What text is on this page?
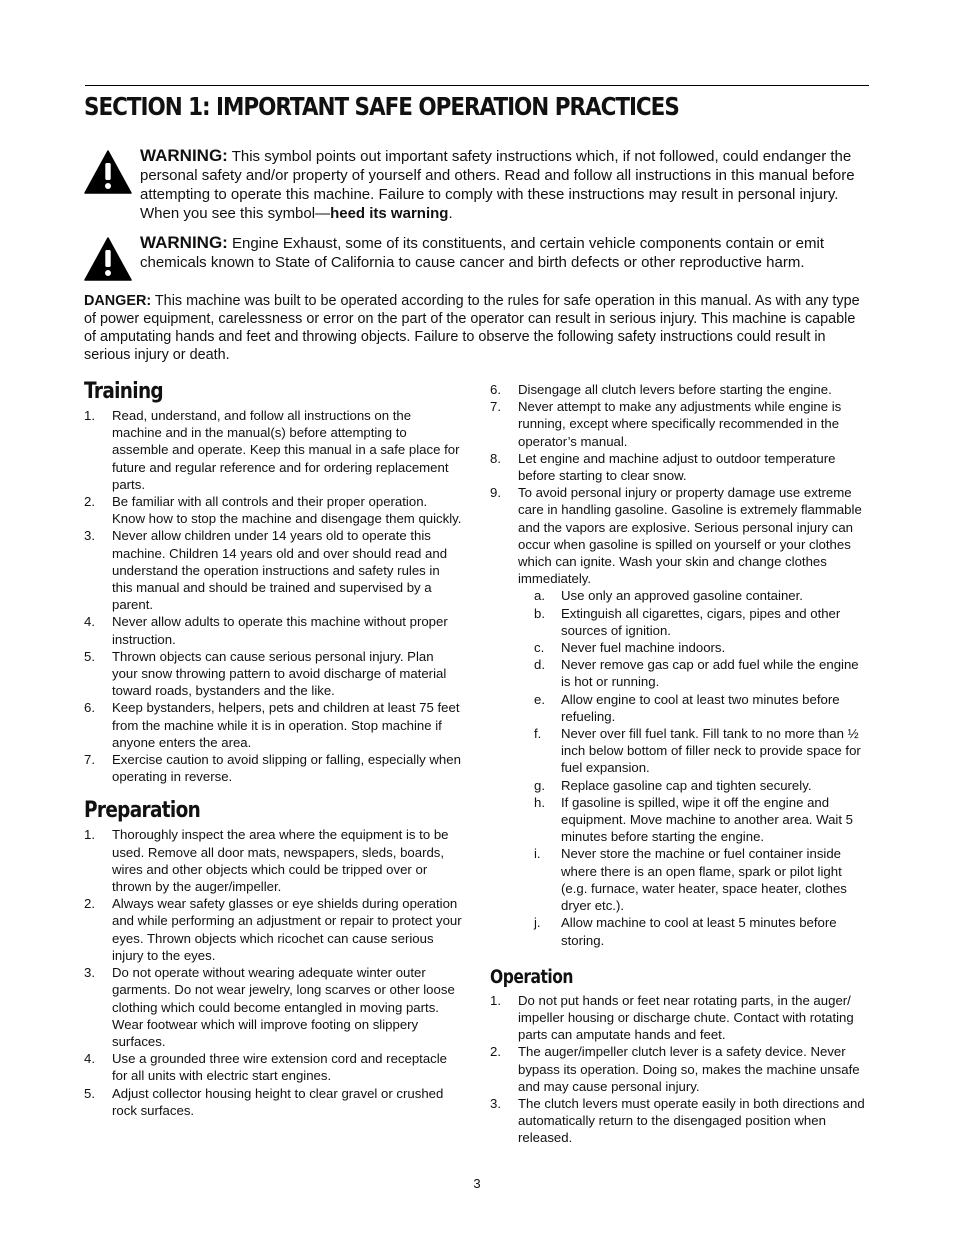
SECTION 1: IMPORTANT SAFE OPERATION PRACTICES
WARNING: This symbol points out important safety instructions which, if not followed, could endanger the personal safety and/or property of yourself and others. Read and follow all instructions in this manual before attempting to operate this machine. Failure to comply with these instructions may result in personal injury. When you see this symbol—heed its warning.
WARNING: Engine Exhaust, some of its constituents, and certain vehicle components contain or emit chemicals known to State of California to cause cancer and birth defects or other reproductive harm.
DANGER: This machine was built to be operated according to the rules for safe operation in this manual. As with any type of power equipment, carelessness or error on the part of the operator can result in serious injury. This machine is capable of amputating hands and feet and throwing objects. Failure to observe the following safety instructions could result in serious injury or death.
Training
1. Read, understand, and follow all instructions on the machine and in the manual(s) before attempting to assemble and operate. Keep this manual in a safe place for future and regular reference and for ordering replacement parts.
2. Be familiar with all controls and their proper operation. Know how to stop the machine and disengage them quickly.
3. Never allow children under 14 years old to operate this machine. Children 14 years old and over should read and understand the operation instructions and safety rules in this manual and should be trained and supervised by a parent.
4. Never allow adults to operate this machine without proper instruction.
5. Thrown objects can cause serious personal injury. Plan your snow throwing pattern to avoid discharge of material toward roads, bystanders and the like.
6. Keep bystanders, helpers, pets and children at least 75 feet from the machine while it is in operation. Stop machine if anyone enters the area.
7. Exercise caution to avoid slipping or falling, especially when operating in reverse.
Preparation
1. Thoroughly inspect the area where the equipment is to be used. Remove all door mats, newspapers, sleds, boards, wires and other objects which could be tripped over or thrown by the auger/impeller.
2. Always wear safety glasses or eye shields during operation and while performing an adjustment or repair to protect your eyes. Thrown objects which ricochet can cause serious injury to the eyes.
3. Do not operate without wearing adequate winter outer garments. Do not wear jewelry, long scarves or other loose clothing which could become entangled in moving parts. Wear footwear which will improve footing on slippery surfaces.
4. Use a grounded three wire extension cord and receptacle for all units with electric start engines.
5. Adjust collector housing height to clear gravel or crushed rock surfaces.
6. Disengage all clutch levers before starting the engine.
7. Never attempt to make any adjustments while engine is running, except where specifically recommended in the operator’s manual.
8. Let engine and machine adjust to outdoor temperature before starting to clear snow.
9. To avoid personal injury or property damage use extreme care in handling gasoline. Gasoline is extremely flammable and the vapors are explosive. Serious personal injury can occur when gasoline is spilled on yourself or your clothes which can ignite. Wash your skin and change clothes immediately.
a. Use only an approved gasoline container.
b. Extinguish all cigarettes, cigars, pipes and other sources of ignition.
c. Never fuel machine indoors.
d. Never remove gas cap or add fuel while the engine is hot or running.
e. Allow engine to cool at least two minutes before refueling.
f. Never over fill fuel tank. Fill tank to no more than ½ inch below bottom of filler neck to provide space for fuel expansion.
g. Replace gasoline cap and tighten securely.
h. If gasoline is spilled, wipe it off the engine and equipment. Move machine to another area. Wait 5 minutes before starting the engine.
i. Never store the machine or fuel container inside where there is an open flame, spark or pilot light (e.g. furnace, water heater, space heater, clothes dryer etc.).
j. Allow machine to cool at least 5 minutes before storing.
Operation
1. Do not put hands or feet near rotating parts, in the auger/ impeller housing or discharge chute. Contact with rotating parts can amputate hands and feet.
2. The auger/impeller clutch lever is a safety device. Never bypass its operation. Doing so, makes the machine unsafe and may cause personal injury.
3. The clutch levers must operate easily in both directions and automatically return to the disengaged position when released.
3
